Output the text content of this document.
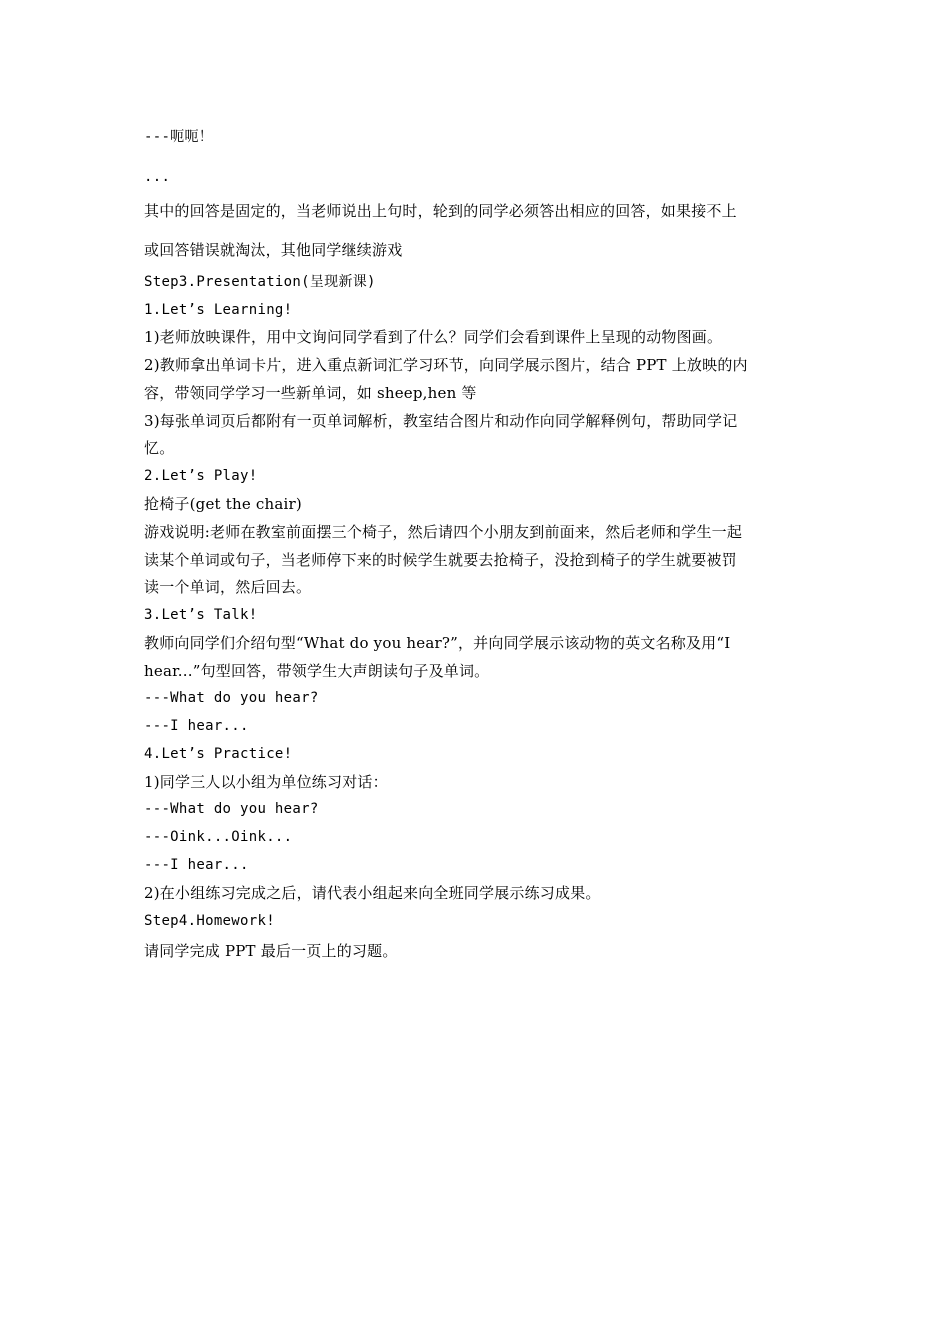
---呃呃！
...
其中的回答是固定的，当老师说出上句时，轮到的同学必须答出相应的回答，如果接不上
或回答错误就淘汰，其他同学继续游戏
Step3.Presentation(呈现新课)
1.Let’s Learning!
1)老师放映课件，用中文询问同学看到了什么？同学们会看到课件上呈现的动物图画。
2)教师拿出单词卡片，进入重点新词汇学习环节，向同学展示图片，结合 PPT 上放映的内
容，带领同学学习一些新单词，如 sheep,hen 等
3)每张单词页后都附有一页单词解析，教室结合图片和动作向同学解释例句，帮助同学记
忆。
2.Let’s Play!
抢椅子(get the chair)
游戏说明:老师在教室前面摆三个椅子，然后请四个小朋友到前面来，然后老师和学生一起
读某个单词或句子，当老师停下来的时候学生就要去抢椅子，没抢到椅子的学生就要被罚
读一个单词，然后回去。
3.Let’s Talk!
教师向同学们介绍句型“What do you hear?”，并向同学展示该动物的英文名称及用“I
hear...”句型回答，带领学生大声朗读句子及单词。
---What do you hear?
---I hear...
4.Let’s Practice!
1)同学三人以小组为单位练习对话：
---What do you hear?
---Oink...Oink...
---I hear...
2)在小组练习完成之后，请代表小组起来向全班同学展示练习成果。
Step4.Homework!
请同学完成 PPT 最后一页上的习题。
